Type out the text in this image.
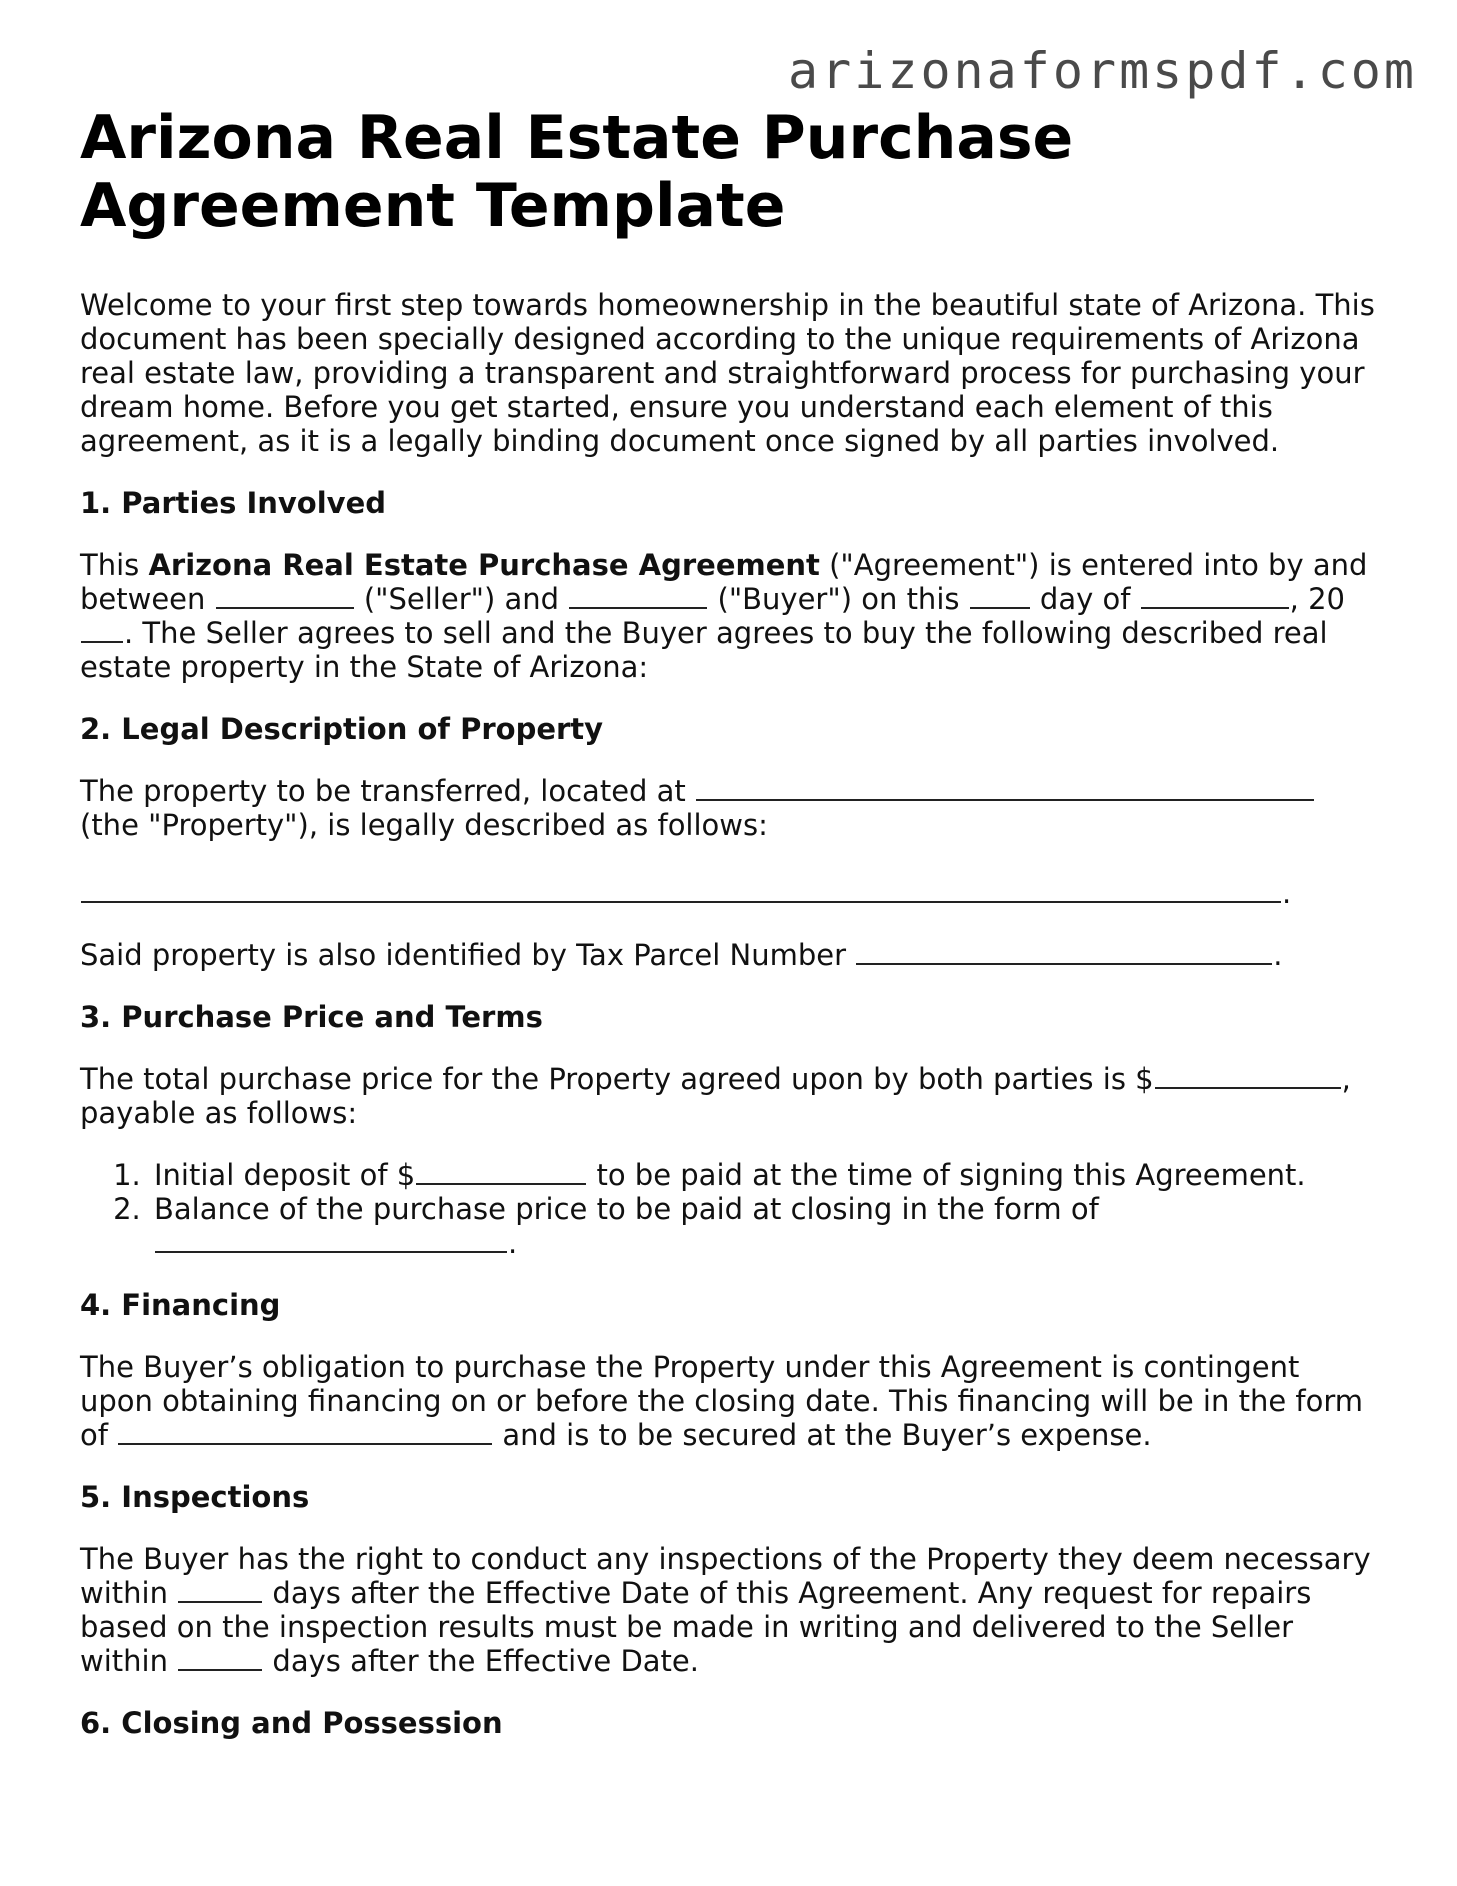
arizonaformspdf.com
Arizona Real Estate Purchase
Agreement Template

Welcome to your first step towards homeownership in the beautiful state of Arizona. This document has been specially designed according to the unique requirements of Arizona real estate law, providing a transparent and straightforward process for purchasing your dream home. Before you get started, ensure you understand each element of this agreement, as it is a legally binding document once signed by all parties involved.

1. Parties Involved

This Arizona Real Estate Purchase Agreement ("Agreement") is entered into by and between	("Seller") and	("Buyer") on this  day of	, 20. The Seller agrees to sell and the Buyer agrees to buy the following described real estate property in the State of Arizona:

2. Legal Description of Property

The property to be transferred, located at  (the "Property"), is legally described as follows:

.

Said property is also identified by Tax Parcel Number	.

3. Purchase Price and Terms

The total purchase price for the Property agreed upon by both parties is $	, payable as follows:

1. Initial deposit of $	to be paid at the time of signing this Agreement.
2. Balance of the purchase price to be paid at closing in the form of
.
4. Financing

The Buyer’s obligation to purchase the Property under this Agreement is contingent upon obtaining financing on or before the closing date. This financing will be in the form of	and is to be secured at the Buyer’s expense.

5. Inspections

The Buyer has the right to conduct any inspections of the Property they deem necessary within	days after the Effective Date of this Agreement. Any request for repairs based on the inspection results must be made in writing and delivered to the Seller within	days after the Effective Date.

6. Closing and Possession
